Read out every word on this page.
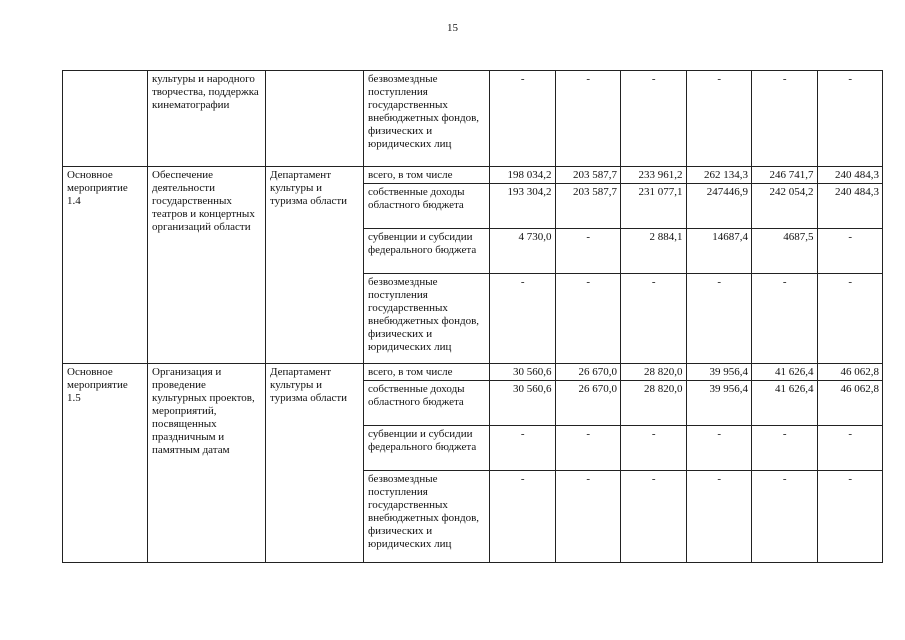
15
	культуры и народного творчества, поддержка кинематографии		безвозмездные поступления государственных внебюджетных фондов, физических и юридических лиц	-	-	-	-	-	-
Основное мероприятие 1.4	Обеспечение деятельности государственных театров и концертных организаций области	Департамент культуры и туризма области	всего, в том числе	198 034,2	203 587,7	233 961,2	262 134,3	246 741,7	240 484,3
			собственные доходы областного бюджета	193 304,2	203 587,7	231 077,1	247446,9	242 054,2	240 484,3
			субвенции и субсидии федерального бюджета	4 730,0	-	2 884,1	14687,4	4687,5	-
			безвозмездные поступления государственных внебюджетных фондов, физических и юридических лиц	-	-	-	-	-	-
Основное мероприятие 1.5	Организация и проведение культурных проектов, мероприятий, посвященных праздничным и памятным датам	Департамент культуры и туризма области	всего, в том числе	30 560,6	26 670,0	28 820,0	39 956,4	41 626,4	46 062,8
			собственные доходы областного бюджета	30 560,6	26 670,0	28 820,0	39 956,4	41 626,4	46 062,8
			субвенции и субсидии федерального бюджета	-	-	-	-	-	-
			безвозмездные поступления государственных внебюджетных фондов, физических и юридических лиц	-	-	-	-	-	-
